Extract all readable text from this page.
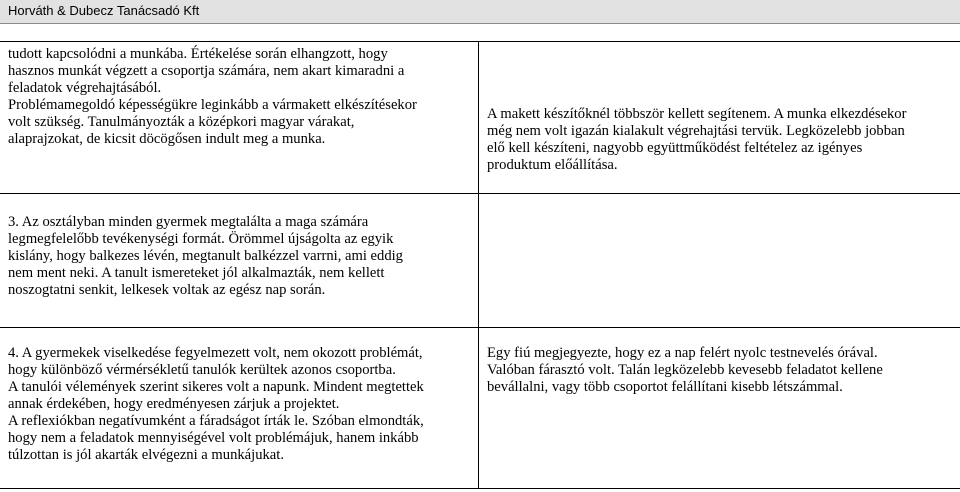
Horváth & Dubecz Tanácsadó Kft

tudott kapcsolódni a munkába. Értékelése során elhangzott, hogy

hasznos munkát végzett a csoportja számára, nem akart kimaradni a

feladatok végrehajtásából.

Problémamegoldó képességükre leginkább a vármakett elkészítésekor

volt szükség. Tanulmányozták a középkori magyar várakat,

alaprajzokat, de kicsit döcögősen indult meg a munka.

A makett készítőknél többször kellett segítenem. A munka elkezdésekor

még nem volt igazán kialakult végrehajtási tervük. Legközelebb jobban

elő kell készíteni, nagyobb együttműködést feltételez az igényes

produktum előállítása.

3. Az osztályban minden gyermek megtalálta a maga számára

legmegfelelőbb tevékenységi formát. Örömmel újságolta az egyik

kislány, hogy balkezes lévén, megtanult balkézzel varrni, ami eddig

nem ment neki. A tanult ismereteket jól alkalmazták, nem kellett

noszogtatni senkit, lelkesek voltak az egész nap során.

4. A gyermekek viselkedése fegyelmezett volt, nem okozott problémát,

hogy különböző vérmérsékletű tanulók kerültek azonos csoportba.

A tanulói vélemények szerint sikeres volt a napunk. Mindent megtettek

annak érdekében, hogy eredményesen zárjuk a projektet.

A reflexiókban negatívumként a fáradságot írták le. Szóban elmondták,

hogy nem a feladatok mennyiségével volt problémájuk, hanem inkább

túlzottan is jól akarták elvégezni a munkájukat.

Egy fiú megjegyezte, hogy ez a nap felért nyolc testnevelés órával.

Valóban fárasztó volt. Talán legközelebb kevesebb feladatot kellene

bevállalni, vagy több csoportot felállítani kisebb létszámmal.
